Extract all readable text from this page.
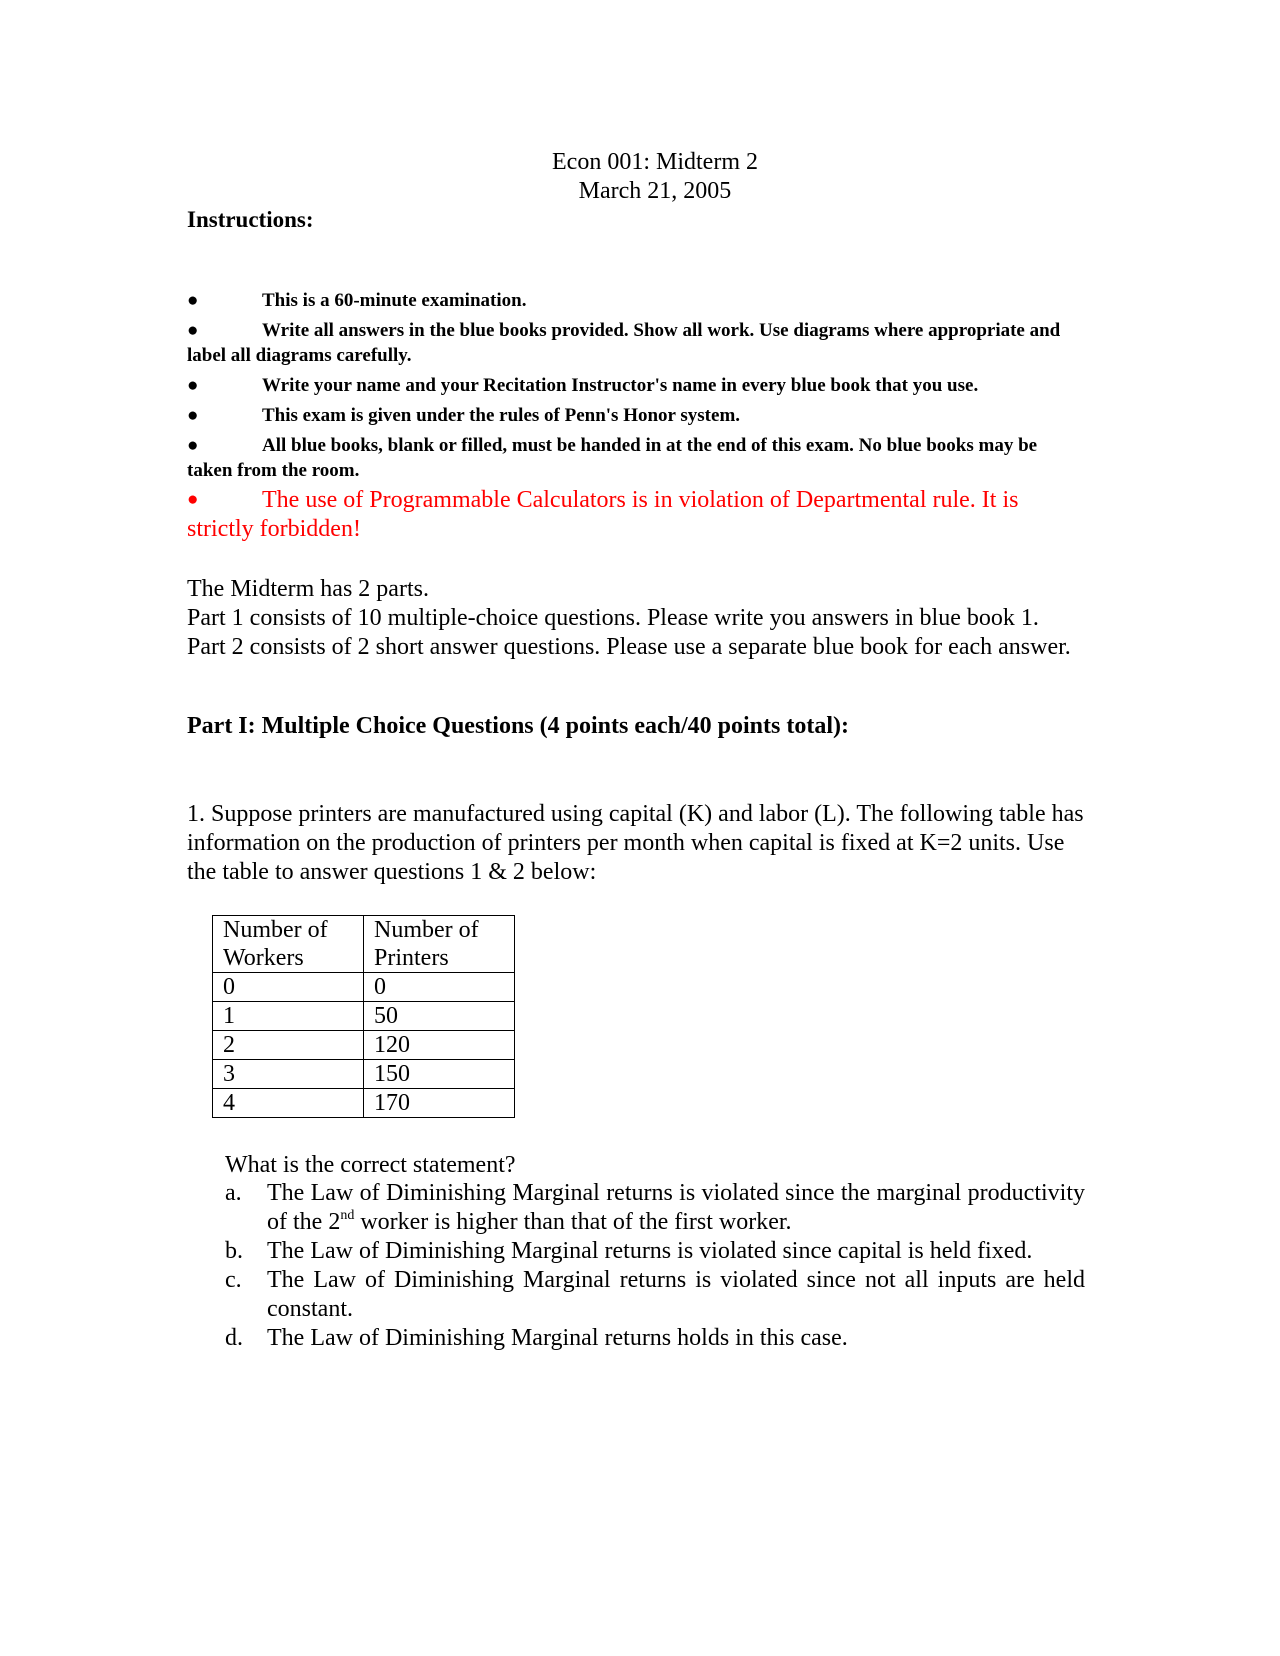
Econ 001: Midterm 2
March 21, 2005
Instructions:

●	This is a 60-minute examination.

●	Write all answers in the blue books provided. Show all work. Use diagrams where appropriate and label all diagrams carefully.

●	Write your name and your Recitation Instructor's name in every blue book that you use.

●	This exam is given under the rules of Penn's Honor system.

●	All blue books, blank or filled, must be handed in at the end of this exam. No blue books may be taken from the room.

●	The use of Programmable Calculators is in violation of Departmental rule. It is strictly forbidden!

The Midterm has 2 parts.
Part 1 consists of 10 multiple-choice questions. Please write you answers in blue book 1.
Part 2 consists of 2 short answer questions. Please use a separate blue book for each answer.
Part I: Multiple Choice Questions (4 points each/40 points total):
1. Suppose printers are manufactured using capital (K) and labor (L). The following table has information on the production of printers per month when capital is fixed at K=2 units. Use the table to answer questions 1 & 2 below:
Number of Workers	Number of Printers
0	0
1	50
2	120
3	150
4	170
What is the correct statement?

a.	The Law of Diminishing Marginal returns is violated since the marginal productivity of the 2nd worker is higher than that of the first worker.

b.	The Law of Diminishing Marginal returns is violated since capital is held fixed.

c.	The Law of Diminishing Marginal returns is violated since not all inputs are held constant.

d.	The Law of Diminishing Marginal returns holds in this case.
